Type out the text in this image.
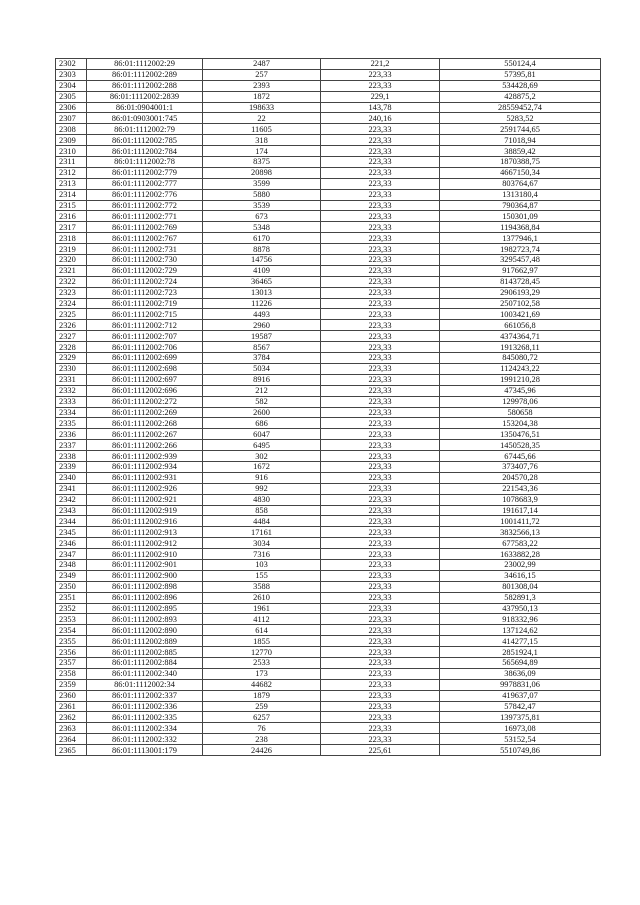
2302	86:01:1112002:29	2487	221,2	550124,4
2303	86:01:1112002:289	257	223,33	57395,81
2304	86:01:1112002:288	2393	223,33	534428,69
2305	86:01:1112002:2839	1872	229,1	428875,2
2306	86:01:0904001:1	198633	143,78	28559452,74
2307	86:01:0903001:745	22	240,16	5283,52
2308	86:01:1112002:79	11605	223,33	2591744,65
2309	86:01:1112002:785	318	223,33	71018,94
2310	86:01:1112002:784	174	223,33	38859,42
2311	86:01:1112002:78	8375	223,33	1870388,75
2312	86:01:1112002:779	20898	223,33	4667150,34
2313	86:01:1112002:777	3599	223,33	803764,67
2314	86:01:1112002:776	5880	223,33	1313180,4
2315	86:01:1112002:772	3539	223,33	790364,87
2316	86:01:1112002:771	673	223,33	150301,09
2317	86:01:1112002:769	5348	223,33	1194368,84
2318	86:01:1112002:767	6170	223,33	1377946,1
2319	86:01:1112002:731	8878	223,33	1982723,74
2320	86:01:1112002:730	14756	223,33	3295457,48
2321	86:01:1112002:729	4109	223,33	917662,97
2322	86:01:1112002:724	36465	223,33	8143728,45
2323	86:01:1112002:723	13013	223,33	2906193,29
2324	86:01:1112002:719	11226	223,33	2507102,58
2325	86:01:1112002:715	4493	223,33	1003421,69
2326	86:01:1112002:712	2960	223,33	661056,8
2327	86:01:1112002:707	19587	223,33	4374364,71
2328	86:01:1112002:706	8567	223,33	1913268,11
2329	86:01:1112002:699	3784	223,33	845080,72
2330	86:01:1112002:698	5034	223,33	1124243,22
2331	86:01:1112002:697	8916	223,33	1991210,28
2332	86:01:1112002:696	212	223,33	47345,96
2333	86:01:1112002:272	582	223,33	129978,06
2334	86:01:1112002:269	2600	223,33	580658
2335	86:01:1112002:268	686	223,33	153204,38
2336	86:01:1112002:267	6047	223,33	1350476,51
2337	86:01:1112002:266	6495	223,33	1450528,35
2338	86:01:1112002:939	302	223,33	67445,66
2339	86:01:1112002:934	1672	223,33	373407,76
2340	86:01:1112002:931	916	223,33	204570,28
2341	86:01:1112002:926	992	223,33	221543,36
2342	86:01:1112002:921	4830	223,33	1078683,9
2343	86:01:1112002:919	858	223,33	191617,14
2344	86:01:1112002:916	4484	223,33	1001411,72
2345	86:01:1112002:913	17161	223,33	3832566,13
2346	86:01:1112002:912	3034	223,33	677583,22
2347	86:01:1112002:910	7316	223,33	1633882,28
2348	86:01:1112002:901	103	223,33	23002,99
2349	86:01:1112002:900	155	223,33	34616,15
2350	86:01:1112002:898	3588	223,33	801308,04
2351	86:01:1112002:896	2610	223,33	582891,3
2352	86:01:1112002:895	1961	223,33	437950,13
2353	86:01:1112002:893	4112	223,33	918332,96
2354	86:01:1112002:890	614	223,33	137124,62
2355	86:01:1112002:889	1855	223,33	414277,15
2356	86:01:1112002:885	12770	223,33	2851924,1
2357	86:01:1112002:884	2533	223,33	565694,89
2358	86:01:1112002:340	173	223,33	38636,09
2359	86:01:1112002:34	44682	223,33	9978831,06
2360	86:01:1112002:337	1879	223,33	419637,07
2361	86:01:1112002:336	259	223,33	57842,47
2362	86:01:1112002:335	6257	223,33	1397375,81
2363	86:01:1112002:334	76	223,33	16973,08
2364	86:01:1112002:332	238	223,33	53152,54
2365	86:01:1113001:179	24426	225,61	5510749,86
